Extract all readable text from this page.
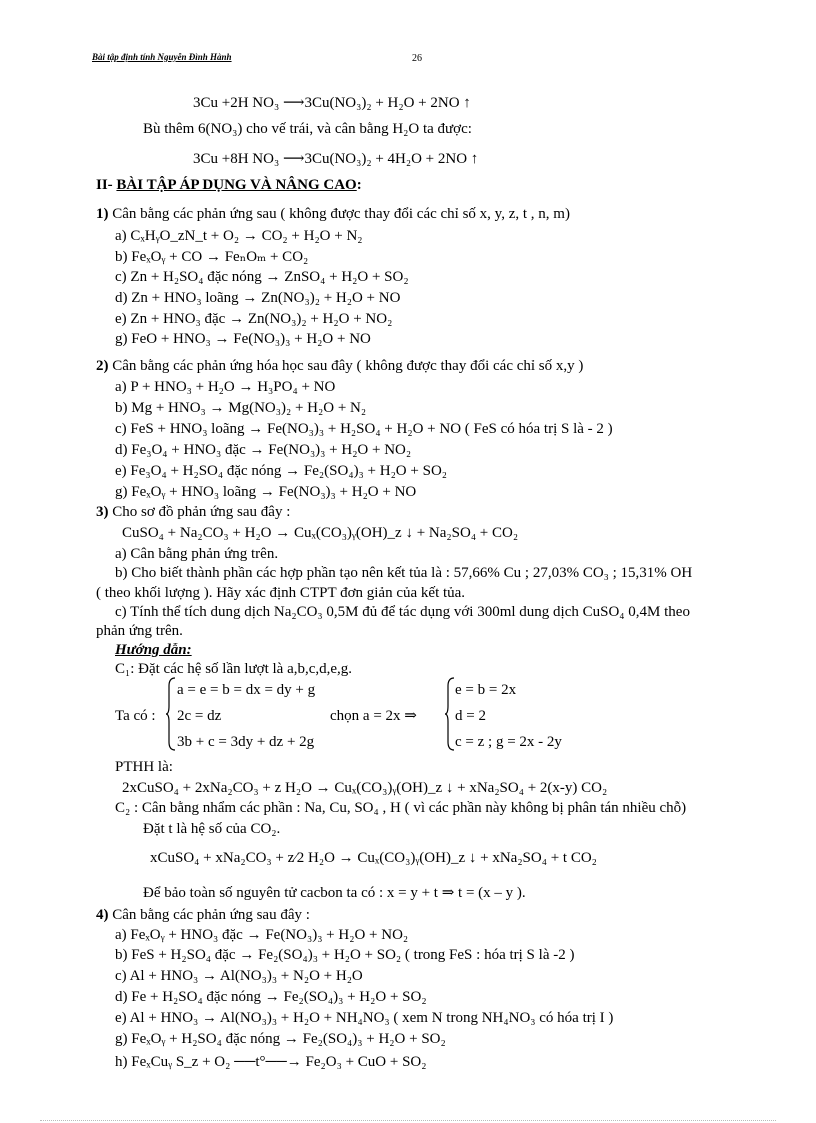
Bài tập định tính Nguyễn Đình Hành	26
3Cu +2H NO₃ ⟶3Cu(NO₃)₂ + H₂O + 2NO ↑
Bù thêm 6(NO₃) cho vế trái, và cân bằng H₂O ta được:
3Cu +8H NO₃ ⟶3Cu(NO₃)₂ + 4H₂O + 2NO ↑
II- BÀI TẬP ÁP DỤNG VÀ NÂNG CAO:
1) Cân bằng các phản ứng sau ( không được thay đổi các chỉ số x, y, z, t , n, m)
a) CₓHᵧO_zN_t + O₂ → CO₂ + H₂O + N₂
b) FeₓOᵧ + CO → FeₙOₘ + CO₂
c) Zn + H₂SO₄ đặc nóng → ZnSO₄ + H₂O + SO₂
d) Zn + HNO₃ loãng → Zn(NO₃)₂ + H₂O + NO
e) Zn + HNO₃ đặc → Zn(NO₃)₂ + H₂O + NO₂
g) FeO + HNO₃ → Fe(NO₃)₃ + H₂O + NO
2) Cân bằng các phản ứng hóa học sau đây ( không được thay đổi các chỉ số x,y )
a) P + HNO₃ + H₂O → H₃PO₄ + NO
b) Mg + HNO₃ → Mg(NO₃)₂ + H₂O + N₂
c) FeS + HNO₃ loãng → Fe(NO₃)₃ + H₂SO₄ + H₂O + NO ( FeS có hóa trị S là - 2 )
d) Fe₃O₄ + HNO₃ đặc → Fe(NO₃)₃ + H₂O + NO₂
e) Fe₃O₄ + H₂SO₄ đặc nóng → Fe₂(SO₄)₃ + H₂O + SO₂
g) FeₓOᵧ + HNO₃ loãng → Fe(NO₃)₃ + H₂O + NO
3) Cho sơ đồ phản ứng sau đây :
CuSO₄ + Na₂CO₃ + H₂O → Cuₓ(CO₃)ᵧ(OH)_z ↓ + Na₂SO₄ + CO₂
a) Cân bằng phản ứng trên.
b) Cho biết thành phần các hợp phần tạo nên kết tủa là : 57,66% Cu ; 27,03% CO₃ ; 15,31% OH
( theo khối lượng ). Hãy xác định CTPT đơn giản của kết tủa.
c) Tính thể tích dung dịch Na₂CO₃ 0,5M đủ để tác dụng với 300ml dung dịch CuSO₄ 0,4M theo
phản ứng trên.
Hướng dẫn:
C₁: Đặt các hệ số lần lượt là a,b,c,d,e,g.
Ta có :
a = e = b = dx = dy + g
2c = dz
3b + c = 3dy + dz + 2g
chọn a = 2x ⇒
e = b = 2x
d = 2
c = z ; g = 2x - 2y
PTHH là:
2xCuSO₄ + 2xNa₂CO₃ + z H₂O → Cuₓ(CO₃)ᵧ(OH)_z ↓ + xNa₂SO₄ + 2(x-y) CO₂
C₂ : Cân bằng nhẩm các phần : Na, Cu, SO₄ , H ( vì các phần này không bị phân tán nhiều chỗ)
Đặt t là hệ số của CO₂.
xCuSO₄ + xNa₂CO₃ + z⁄2 H₂O → Cuₓ(CO₃)ᵧ(OH)_z ↓ + xNa₂SO₄ + t CO₂
Để bảo toàn số nguyên tử cacbon ta có : x = y + t ⇒ t = (x – y ).
4) Cân bằng các phản ứng sau đây :
a) FeₓOᵧ + HNO₃ đặc → Fe(NO₃)₃ + H₂O + NO₂
b) FeS + H₂SO₄ đặc → Fe₂(SO₄)₃ + H₂O + SO₂ ( trong FeS : hóa trị S là -2 )
c) Al + HNO₃ → Al(NO₃)₃ + N₂O + H₂O
d) Fe + H₂SO₄ đặc nóng → Fe₂(SO₄)₃ + H₂O + SO₂
e) Al + HNO₃ → Al(NO₃)₃ + H₂O + NH₄NO₃ ( xem N trong NH₄NO₃ có hóa trị I )
g) FeₓOᵧ + H₂SO₄ đặc nóng → Fe₂(SO₄)₃ + H₂O + SO₂
h) FeₓCuᵧ S_z + O₂ ──t°──→ Fe₂O₃ + CuO + SO₂
